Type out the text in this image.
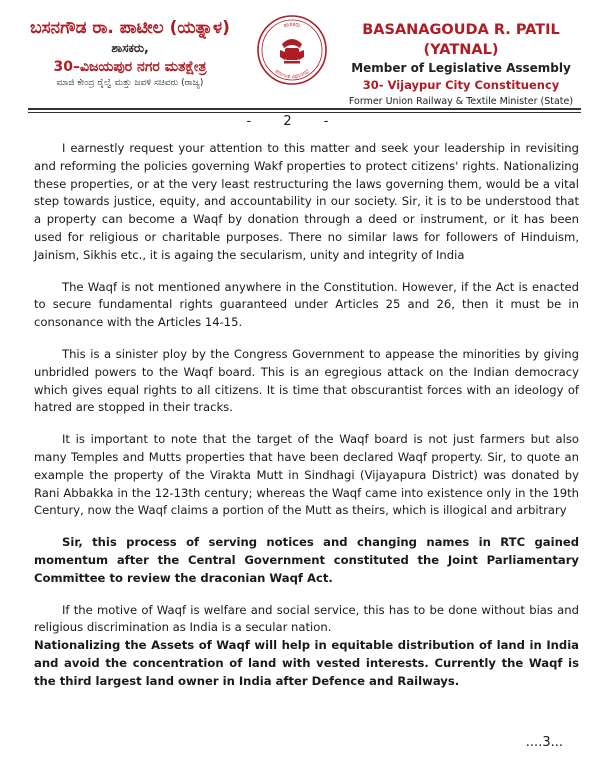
ಬಸನಗೌಡ ರಾ. ಪಾಟೀಲ (ಯತ್ನಾಳ)
ಶಾಸಕರು,
30–ವಿಜಯಪುರ ನಗರ ಮತಕ್ಷೇತ್ರ
ಮಾಜಿ ಕೇಂದ್ರ ರೈಲ್ವೆ ಮತ್ತು ಜವಳಿ ಸಚಿವರು (ರಾಜ್ಯ)
ಶಾಸಕರು
ಕರ್ನಾಟಕ ವಿಧಾನಸಭೆ
BASANAGOUDA R. PATIL (YATNAL)
Member of Legislative Assembly
30- Vijaypur City Constituency
Former Union Railway & Textile Minister (State)
- 2 -

I earnestly request your attention to this matter and seek your leadership in revisiting and reforming the policies governing Wakf properties to protect citizens' rights. Nationalizing these properties, or at the very least restructuring the laws governing them, would be a vital step towards justice, equity, and accountability in our society. Sir, it is to be understood that a property can become a Waqf by donation through a deed or instrument, or it has been used for religious or charitable purposes. There no similar laws for followers of Hinduism, Jainism, Sikhis etc., it is againg the secularism, unity and integrity of India

The Waqf is not mentioned anywhere in the Constitution. However, if the Act is enacted to secure fundamental rights guaranteed under Articles 25 and 26, then it must be in consonance with the Articles 14-15.

This is a sinister ploy by the Congress Government to appease the minorities by giving unbridled powers to the Waqf board. This is an egregious attack on the Indian democracy which gives equal rights to all citizens. It is time that obscurantist forces with an ideology of hatred are stopped in their tracks.

It is important to note that the target of the Waqf board is not just farmers but also many Temples and Mutts properties that have been declared Waqf property. Sir, to quote an example the property of the Virakta Mutt in Sindhagi (Vijayapura District) was donated by Rani Abbakka in the 12-13th century; whereas the Waqf came into existence only in the 19th Century, now the Waqf claims a portion of the Mutt as theirs, which is illogical and arbitrary

Sir, this process of serving notices and changing names in RTC gained momentum after the Central Government constituted the Joint Parliamentary Committee to review the draconian Waqf Act.

If the motive of Waqf is welfare and social service, this has to be done without bias and religious discrimination as India is a secular nation.

Nationalizing the Assets of Waqf will help in equitable distribution of land in India and avoid the concentration of land with vested interests. Currently the Waqf is the third largest land owner in India after Defence and Railways.

....3...
